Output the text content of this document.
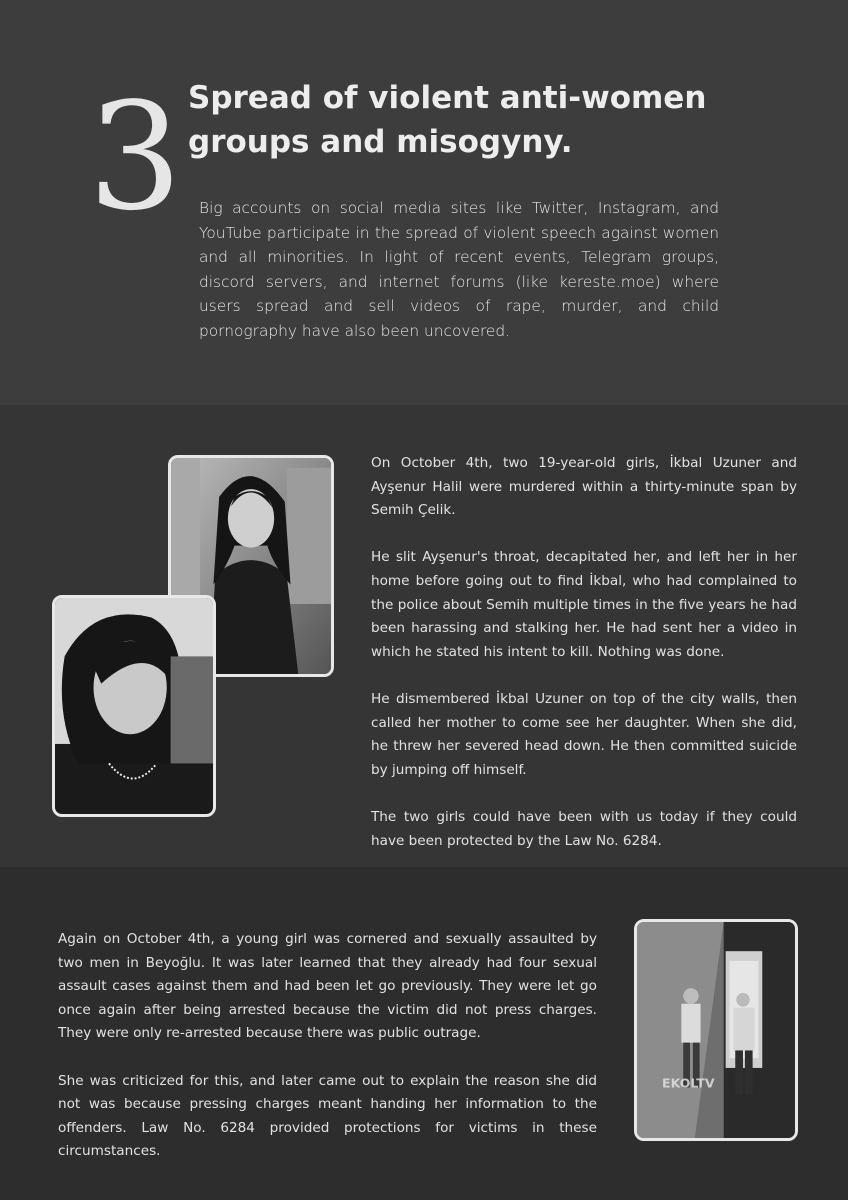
3 Spread of violent anti-women groups and misogyny.

Big accounts on social media sites like Twitter, Instagram, and YouTube participate in the spread of violent speech against women and all minorities. In light of recent events, Telegram groups, discord servers, and internet forums (like kereste.moe) where users spread and sell videos of rape, murder, and child pornography have also been uncovered.

On October 4th, two 19-year-old girls, İkbal Uzuner and Ayşenur Halil were murdered within a thirty-minute span by Semih Çelik.

He slit Ayşenur's throat, decapitated her, and left her in her home before going out to find İkbal, who had complained to the police about Semih multiple times in the five years he had been harassing and stalking her. He had sent her a video in which he stated his intent to kill. Nothing was done.

He dismembered İkbal Uzuner on top of the city walls, then called her mother to come see her daughter. When she did, he threw her severed head down. He then committed suicide by jumping off himself.

The two girls could have been with us today if they could have been protected by the Law No. 6284.

Again on October 4th, a young girl was cornered and sexually assaulted by two men in Beyoğlu. It was later learned that they already had four sexual assault cases against them and had been let go previously. They were let go once again after being arrested because the victim did not press charges. They were only re-arrested because there was public outrage.

She was criticized for this, and later came out to explain the reason she did not was because pressing charges meant handing her information to the offenders. Law No. 6284 provided protections for victims in these circumstances.

EKOLTV
